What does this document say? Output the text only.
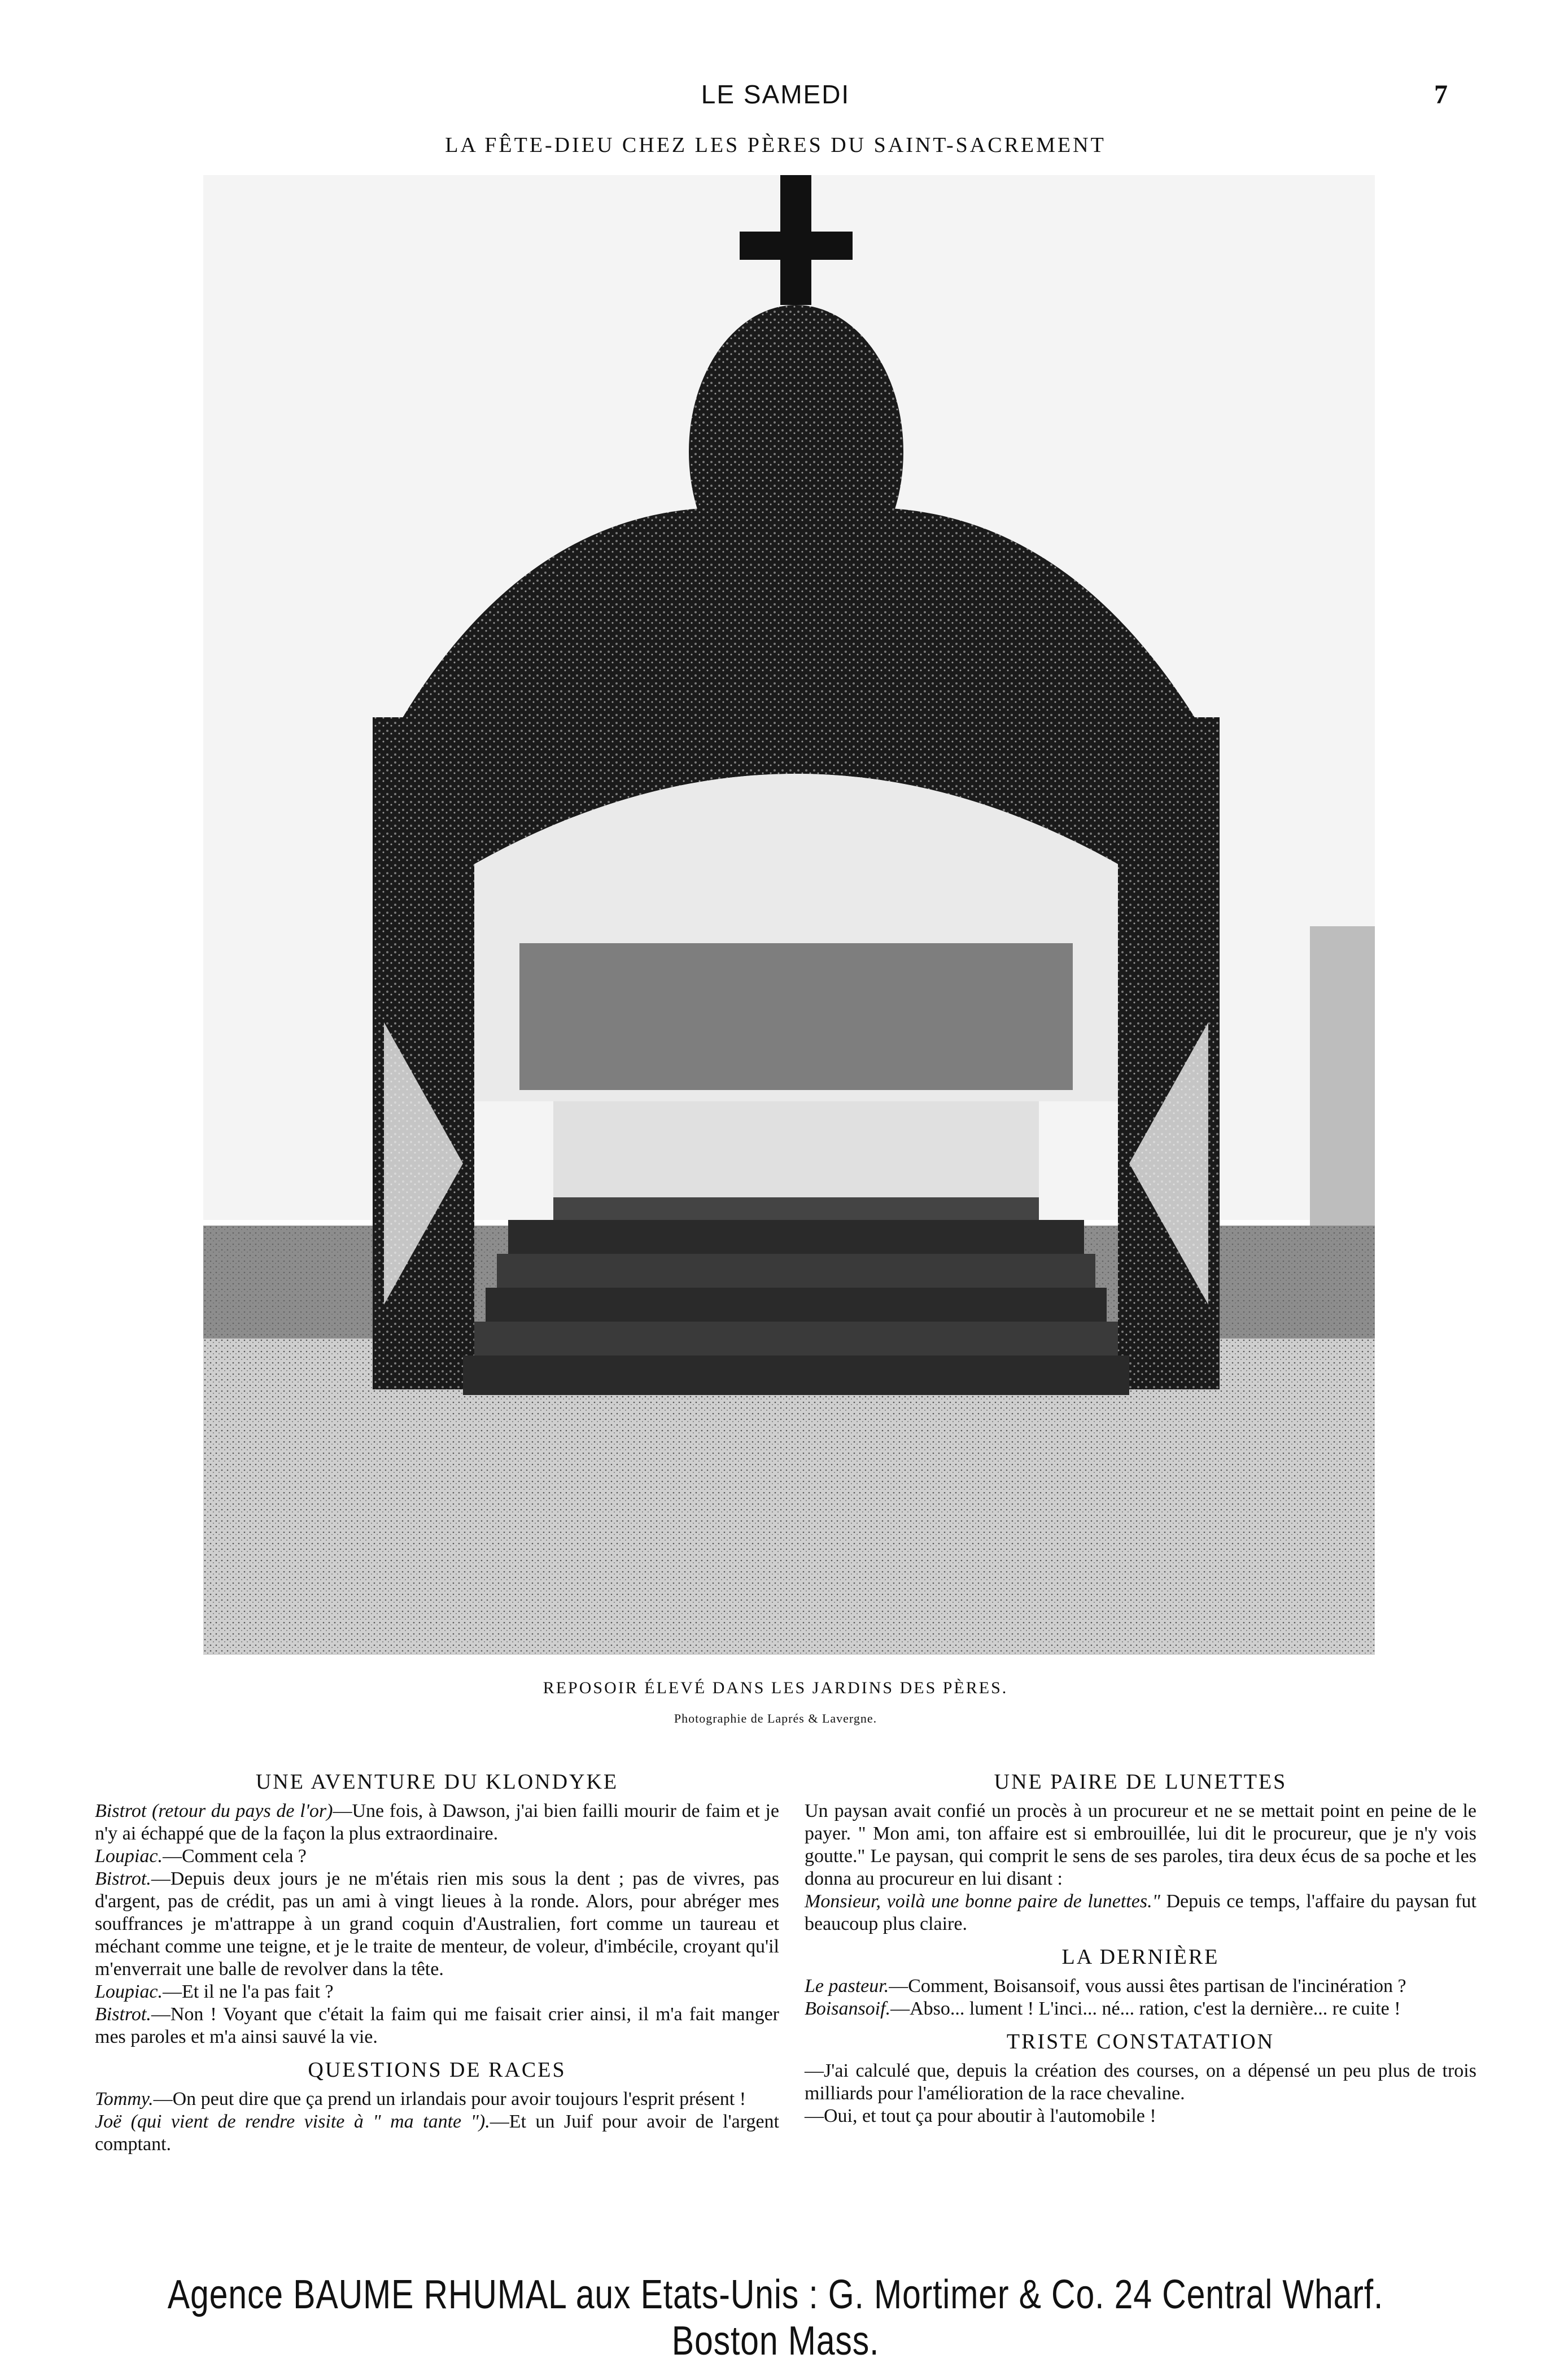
LE SAMEDI	7
LA FÊTE-DIEU CHEZ LES PÈRES DU SAINT-SACREMENT
REPOSOIR ÉLEVÉ DANS LES JARDINS DES PÈRES.
Photographie de Laprés & Lavergne.
UNE AVENTURE DU KLONDYKE

Bistrot (retour du pays de l'or)—Une fois, à Dawson, j'ai bien failli mourir de faim et je n'y ai échappé que de la façon la plus extraordinaire.

Loupiac.—Comment cela ?

Bistrot.—Depuis deux jours je ne m'étais rien mis sous la dent ; pas de vivres, pas d'argent, pas de crédit, pas un ami à vingt lieues à la ronde. Alors, pour abréger mes souffrances je m'attrappe à un grand coquin d'Australien, fort comme un taureau et méchant comme une teigne, et je le traite de menteur, de voleur, d'imbécile, croyant qu'il m'enverrait une balle de revolver dans la tête.

Loupiac.—Et il ne l'a pas fait ?

Bistrot.—Non ! Voyant que c'était la faim qui me faisait crier ainsi, il m'a fait manger mes paroles et m'a ainsi sauvé la vie.

QUESTIONS DE RACES

Tommy.—On peut dire que ça prend un irlandais pour avoir toujours l'esprit présent !

Joë (qui vient de rendre visite à " ma tante ").—Et un Juif pour avoir de l'argent comptant.

UNE PAIRE DE LUNETTES

Un paysan avait confié un procès à un procureur et ne se mettait point en peine de le payer. " Mon ami, ton affaire est si embrouillée, lui dit le procureur, que je n'y vois goutte." Le paysan, qui comprit le sens de ses paroles, tira deux écus de sa poche et les donna au procureur en lui disant :

Monsieur, voilà une bonne paire de lunettes." Depuis ce temps, l'affaire du paysan fut beaucoup plus claire.

LA DERNIÈRE

Le pasteur.—Comment, Boisansoif, vous aussi êtes partisan de l'incinération ?

Boisansoif.—Abso... lument ! L'inci... né... ration, c'est la dernière... re cuite !

TRISTE CONSTATATION

—J'ai calculé que, depuis la création des courses, on a dépensé un peu plus de trois milliards pour l'amélioration de la race chevaline.

—Oui, et tout ça pour aboutir à l'automobile !

Agence BAUME RHUMAL aux Etats-Unis : G. Mortimer & Co. 24 Central Wharf. Boston Mass.
